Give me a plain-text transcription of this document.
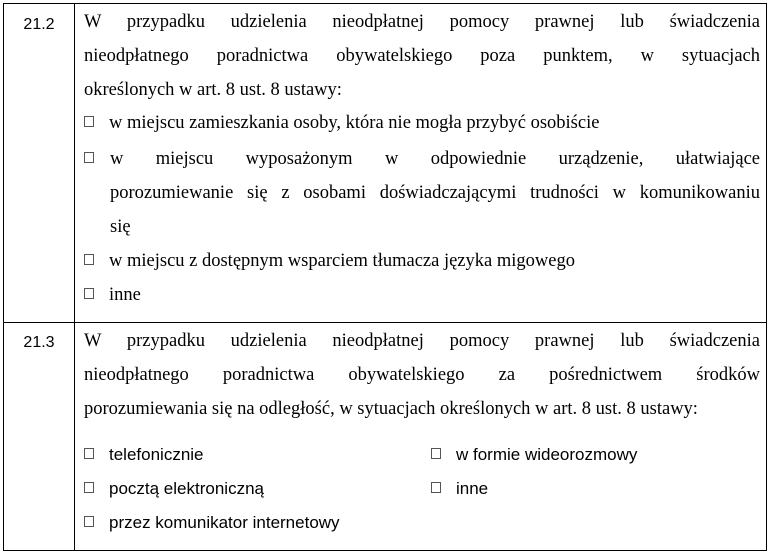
21.2	W przypadku udzielenia nieodpłatnej pomocy prawnej lub świadczenia
nieodpłatnego poradnictwa obywatelskiego poza punktem, w sytuacjach
określonych w art. 8 ust. 8 ustawy:
w miejscu zamieszkania osoby, która nie mogła przybyć osobiście
w miejscu wyposażonym w odpowiednie urządzenie, ułatwiające
porozumiewanie się z osobami doświadczającymi trudności w komunikowaniu
się
w miejscu z dostępnym wsparciem tłumacza języka migowego
inne
21.3	W przypadku udzielenia nieodpłatnej pomocy prawnej lub świadczenia
nieodpłatnego poradnictwa obywatelskiego za pośrednictwem środków
porozumiewania się na odległość, w sytuacjach określonych w art. 8 ust. 8 ustawy:
telefonicznie
pocztą elektroniczną
przez komunikator internetowy
w formie wideorozmowy
inne
